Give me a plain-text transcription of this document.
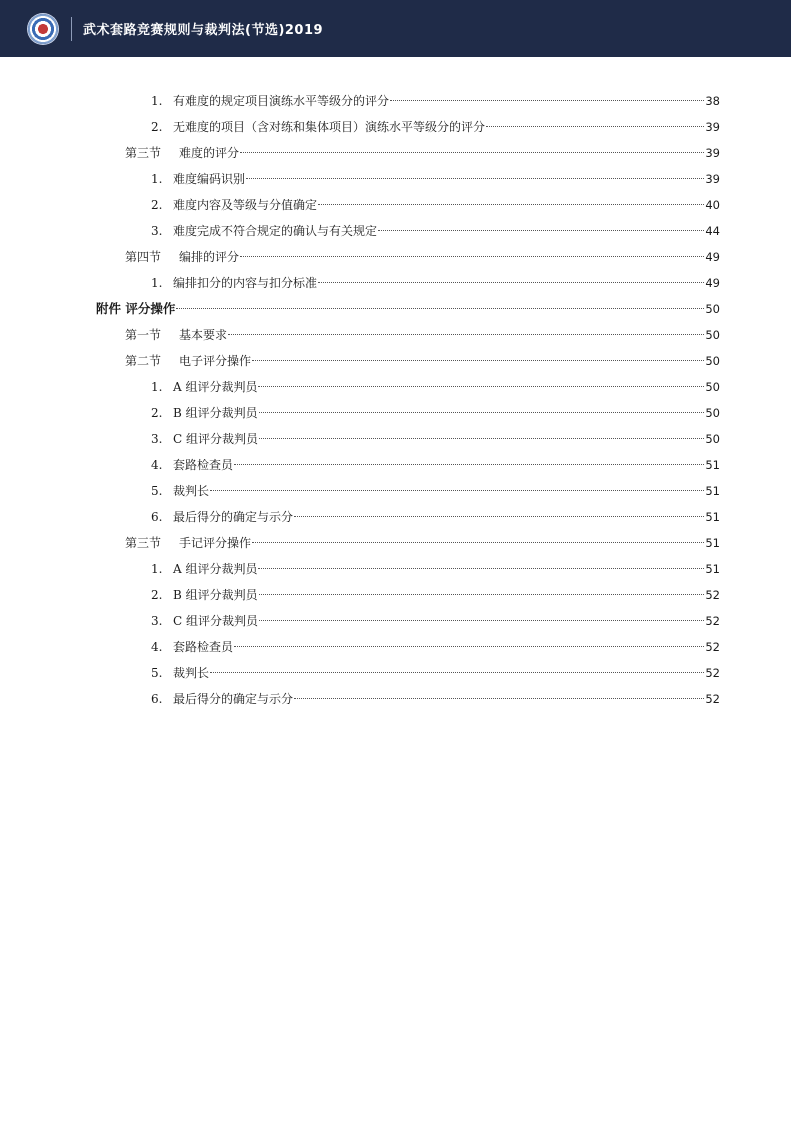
武术套路竞赛规则与裁判法(节选)2019
1. 有难度的规定项目演练水平等级分的评分	38
2. 无难度的项目（含对练和集体项目）演练水平等级分的评分	39
第三节	难度的评分	39
1. 难度编码识别	39
2. 难度内容及等级与分值确定	40
3. 难度完成不符合规定的确认与有关规定	44
第四节	编排的评分	49
1. 编排扣分的内容与扣分标准	49
附件 评分操作	50
第一节	基本要求	50
第二节	电子评分操作	50
1. A 组评分裁判员	50
2. B 组评分裁判员	50
3. C 组评分裁判员	50
4. 套路检查员	51
5. 裁判长	51
6. 最后得分的确定与示分	51
第三节	手记评分操作	51
1. A 组评分裁判员	51
2. B 组评分裁判员	52
3. C 组评分裁判员	52
4. 套路检查员	52
5. 裁判长	52
6. 最后得分的确定与示分	52
